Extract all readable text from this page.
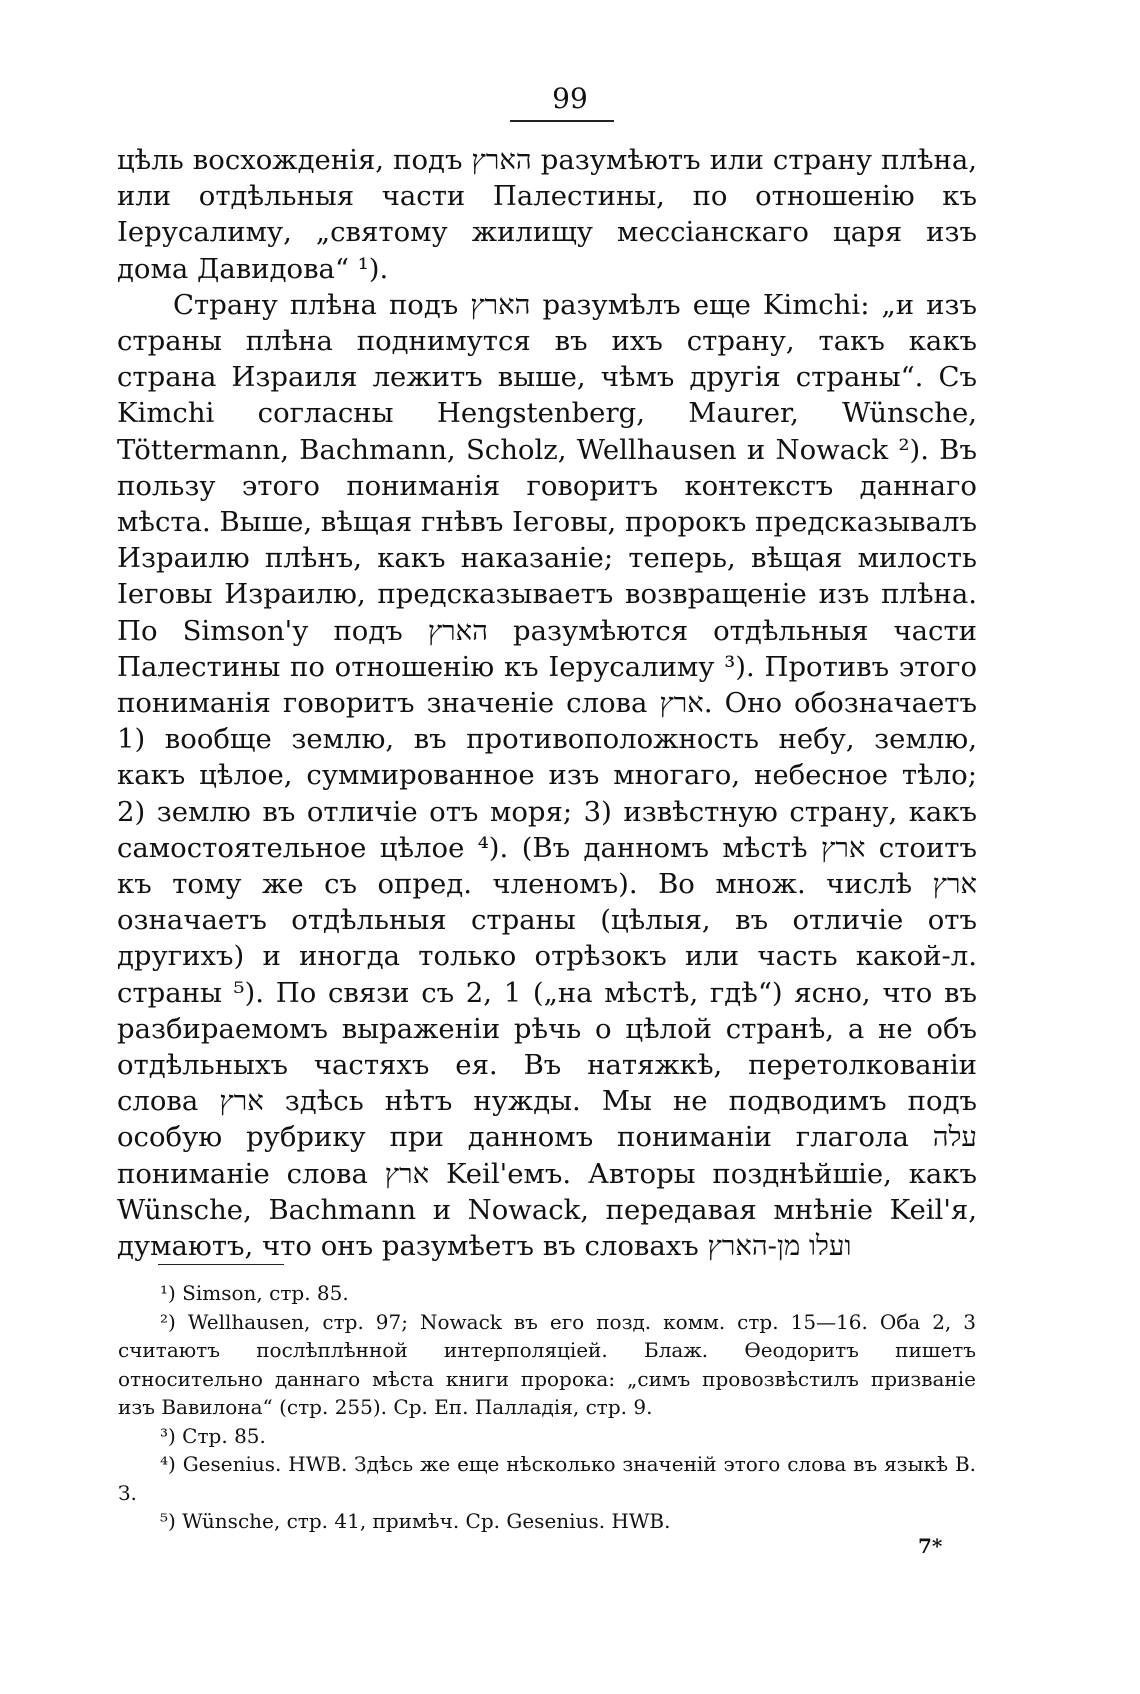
99

цѣль восхожденія, подъ הארץ разумѣютъ или страну плѣна, или отдѣльныя части Палестины, по отношенію къ Іерусалиму, „святому жилищу мессіанскаго царя изъ дома Давидова“ ¹).

Страну плѣна подъ הארץ разумѣлъ еще Kimchi: „и изъ страны плѣна поднимутся въ ихъ страну, такъ какъ страна Израиля лежитъ выше, чѣмъ другія страны“. Съ Kimchi согласны Hengstenberg, Maurer, Wünsche, Töttermann, Bachmann, Scholz, Wellhausen и Nowack ²). Въ пользу этого пониманія говоритъ контекстъ даннаго мѣста. Выше, вѣщая гнѣвъ Іеговы, пророкъ предсказывалъ Израилю плѣнъ, какъ наказаніе; теперь, вѣщая милость Іеговы Израилю, предсказываетъ возвращеніе изъ плѣна. По Simson'у подъ הארץ разумѣются отдѣльныя части Палестины по отношенію къ Іерусалиму ³). Противъ этого пониманія говоритъ значеніе слова ארץ. Оно обозначаетъ 1) вообще землю, въ противоположность небу, землю, какъ цѣлое, суммированное изъ многаго, небесное тѣло; 2) землю въ отличіе отъ моря; 3) извѣстную страну, какъ самостоятельное цѣлое ⁴). (Въ данномъ мѣстѣ ארץ стоитъ къ тому же съ опред. членомъ). Во множ. числѣ ארץ означаетъ отдѣльныя страны (цѣлыя, въ отличіе отъ другихъ) и иногда только отрѣзокъ или часть какой-л. страны ⁵). По связи съ 2, 1 („на мѣстѣ, гдѣ“) ясно, что въ разбираемомъ выраженіи рѣчь о цѣлой странѣ, а не объ отдѣльныхъ частяхъ ея. Въ натяжкѣ, перетолкованіи слова ארץ здѣсь нѣтъ нужды. Мы не подводимъ подъ особую рубрику при данномъ пониманіи глагола עלה пониманіе слова ארץ Keil'емъ. Авторы позднѣйшіе, какъ Wünsche, Bachmann и Nowack, передавая мнѣніе Keil'я, думаютъ, что онъ разумѣетъ въ словахъ ועלו מן-הארץ

¹) Simson, стр. 85.

²) Wellhausen, стр. 97; Nowack въ его позд. комм. стр. 15—16. Оба 2, 3 считаютъ послѣплѣнной интерполяціей. Блаж. Ѳеодоритъ пишетъ относительно даннаго мѣста книги пророка: „симъ провозвѣстилъ призваніе изъ Вавилона“ (стр. 255). Ср. Еп. Палладія, стр. 9.

³) Стр. 85.

⁴) Gesenius. HWB. Здѣсь же еще нѣсколько значеній этого слова въ языкѣ В. З.

⁵) Wünsche, стр. 41, примѣч. Ср. Gesenius. HWB.

7*
